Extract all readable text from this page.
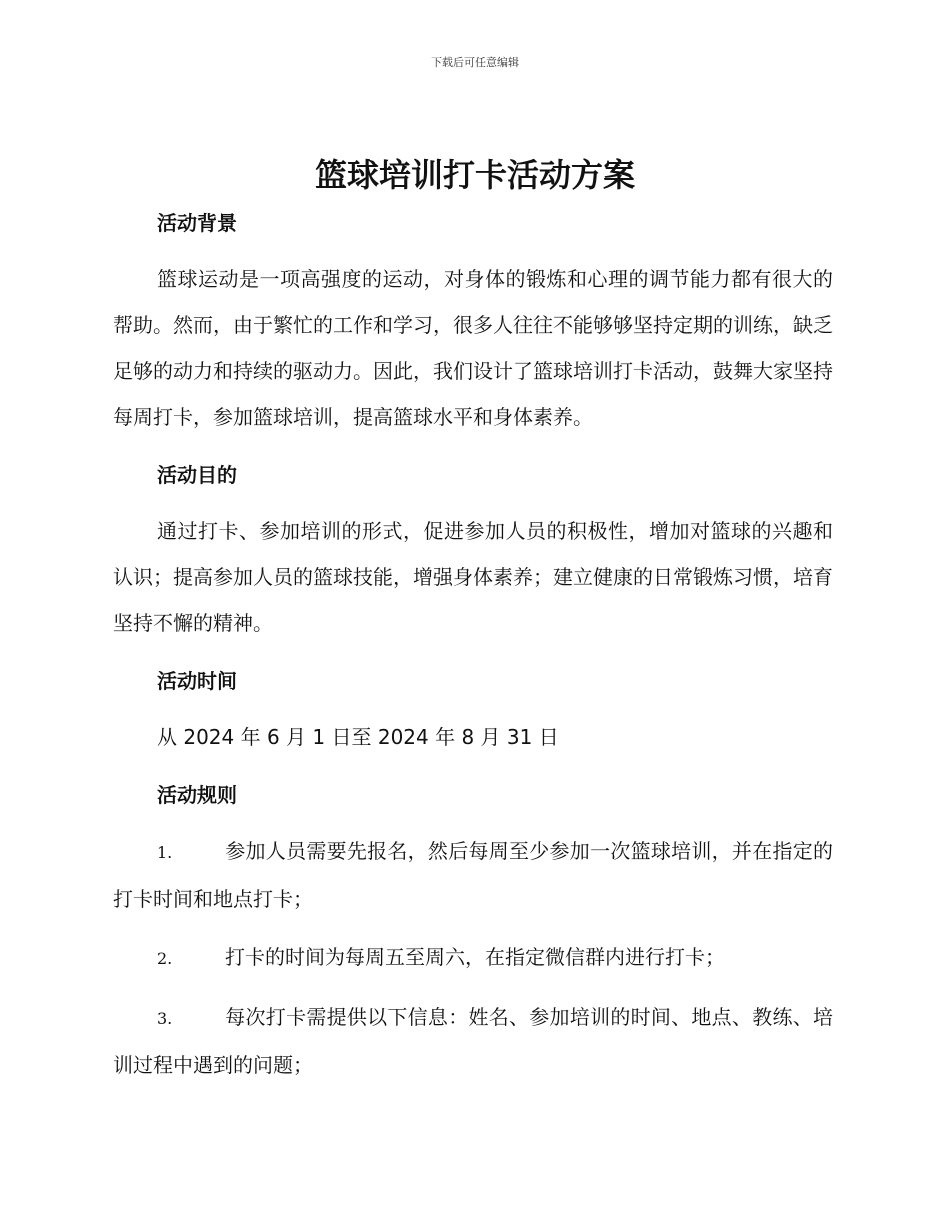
下载后可任意编辑
篮球培训打卡活动方案
活动背景

篮球运动是一项高强度的运动，对身体的锻炼和心理的调节能力都有很大的帮助。然而，由于繁忙的工作和学习，很多人往往不能够够坚持定期的训练，缺乏足够的动力和持续的驱动力。因此，我们设计了篮球培训打卡活动，鼓舞大家坚持每周打卡，参加篮球培训，提高篮球水平和身体素养。

活动目的

通过打卡、参加培训的形式，促进参加人员的积极性，增加对篮球的兴趣和认识；提高参加人员的篮球技能，增强身体素养；建立健康的日常锻炼习惯，培育坚持不懈的精神。

活动时间

从 2024 年 6 月 1 日至 2024 年 8 月 31 日

活动规则

1.	参加人员需要先报名，然后每周至少参加一次篮球培训，并在指定的打卡时间和地点打卡；

2.	打卡的时间为每周五至周六，在指定微信群内进行打卡；

3.	每次打卡需提供以下信息：姓名、参加培训的时间、地点、教练、培训过程中遇到的问题；
